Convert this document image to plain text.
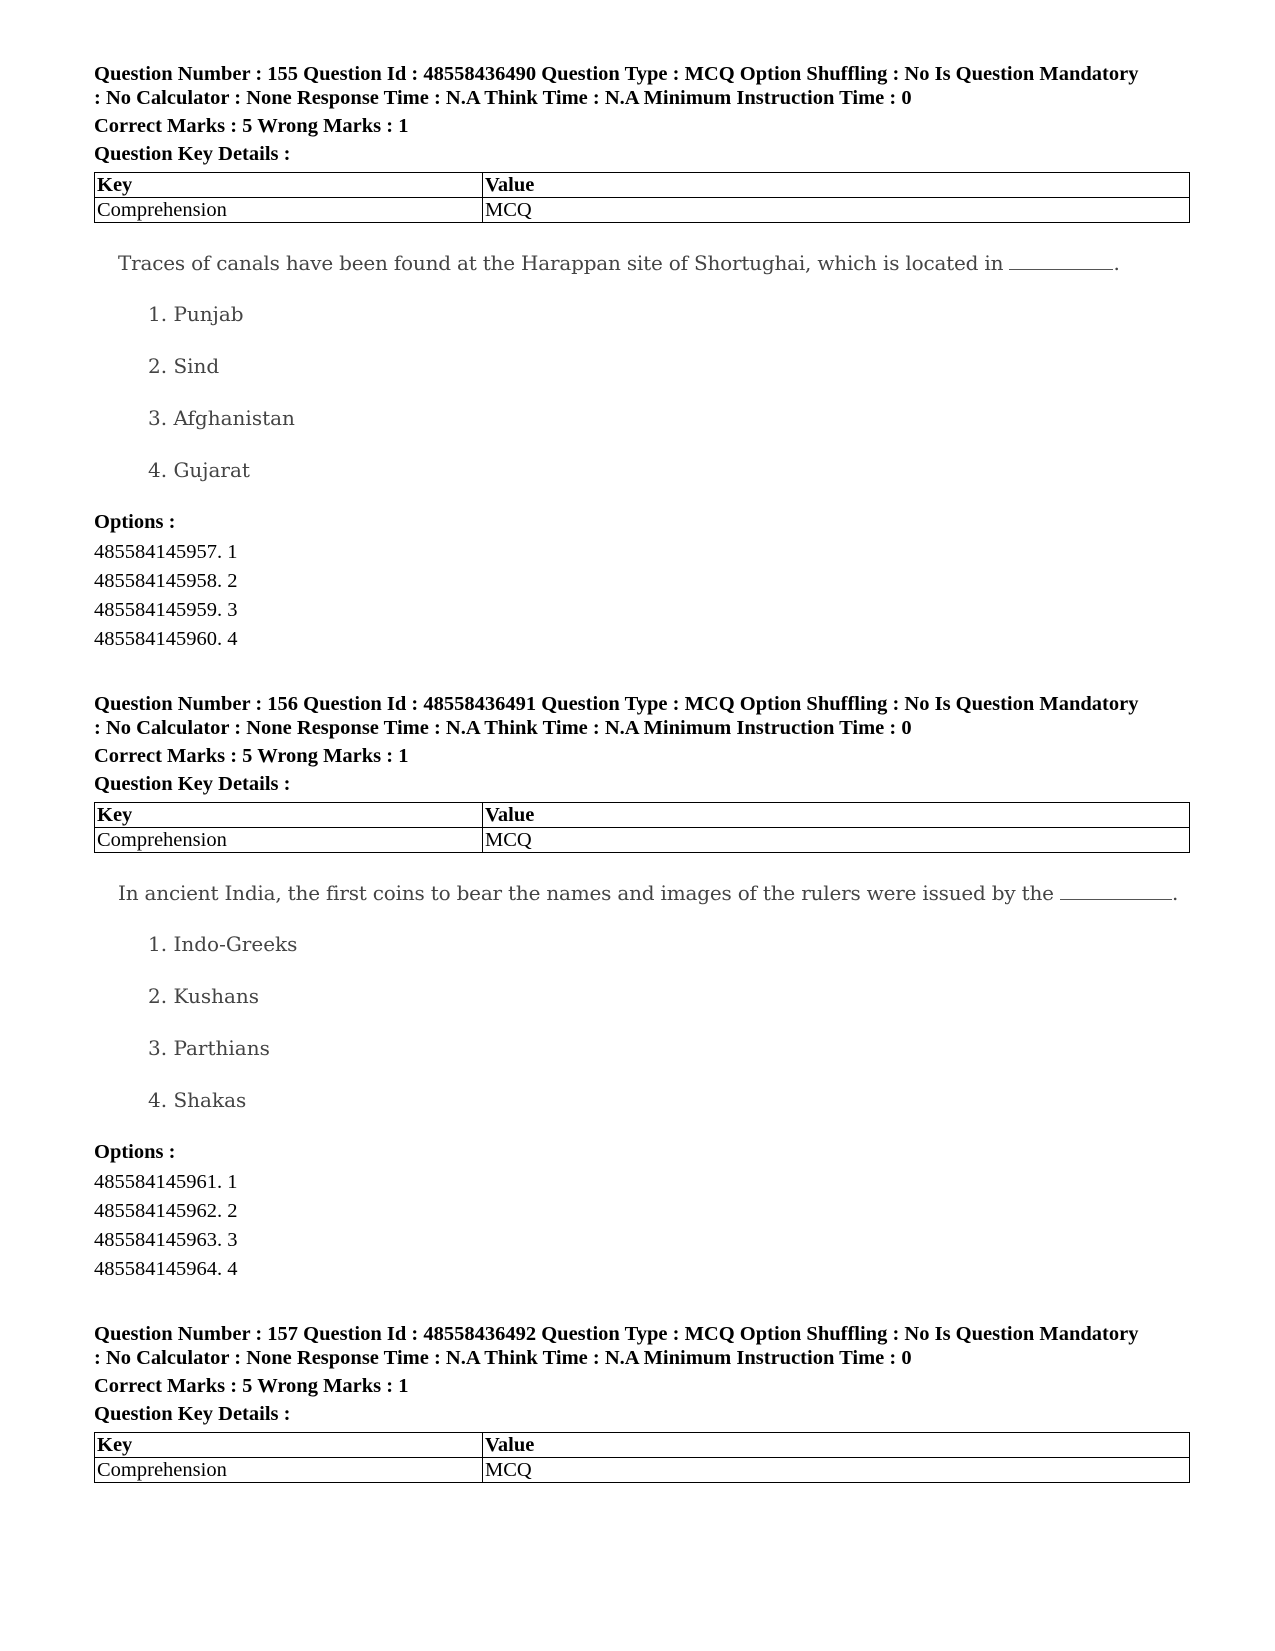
Question Number : 155 Question Id : 48558436490 Question Type : MCQ Option Shuffling : No Is Question Mandatory
: No Calculator : None Response Time : N.A Think Time : N.A Minimum Instruction Time : 0
Correct Marks : 5 Wrong Marks : 1
Question Key Details :
Key	Value
Comprehension	MCQ
Traces of canals have been found at the Harappan site of Shortughai, which is located in	.
1. Punjab
2. Sind
3. Afghanistan
4. Gujarat
Options :
485584145957. 1
485584145958. 2
485584145959. 3
485584145960. 4
Question Number : 156 Question Id : 48558436491 Question Type : MCQ Option Shuffling : No Is Question Mandatory
: No Calculator : None Response Time : N.A Think Time : N.A Minimum Instruction Time : 0
Correct Marks : 5 Wrong Marks : 1
Question Key Details :
Key	Value
Comprehension	MCQ
In ancient India, the first coins to bear the names and images of the rulers were issued by the	.
1. Indo-Greeks
2. Kushans
3. Parthians
4. Shakas
Options :
485584145961. 1
485584145962. 2
485584145963. 3
485584145964. 4
Question Number : 157 Question Id : 48558436492 Question Type : MCQ Option Shuffling : No Is Question Mandatory
: No Calculator : None Response Time : N.A Think Time : N.A Minimum Instruction Time : 0
Correct Marks : 5 Wrong Marks : 1
Question Key Details :
Key	Value
Comprehension	MCQ
